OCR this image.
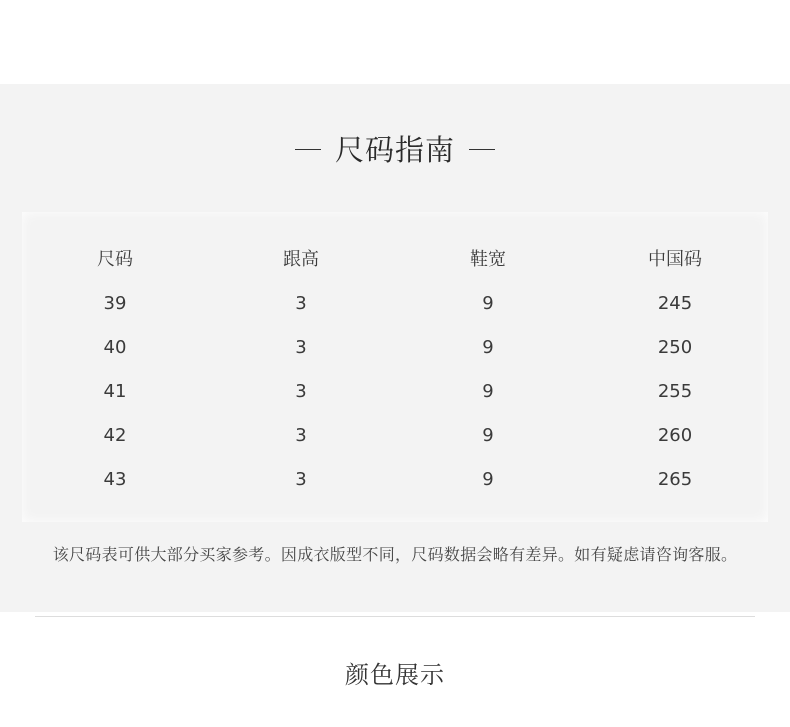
尺码指南
尺码	跟高	鞋宽	中国码
39	3	9	245
40	3	9	250
41	3	9	255
42	3	9	260
43	3	9	265
该尺码表可供大部分买家参考。因成衣版型不同，尺码数据会略有差异。如有疑虑请咨询客服。
颜色展示
